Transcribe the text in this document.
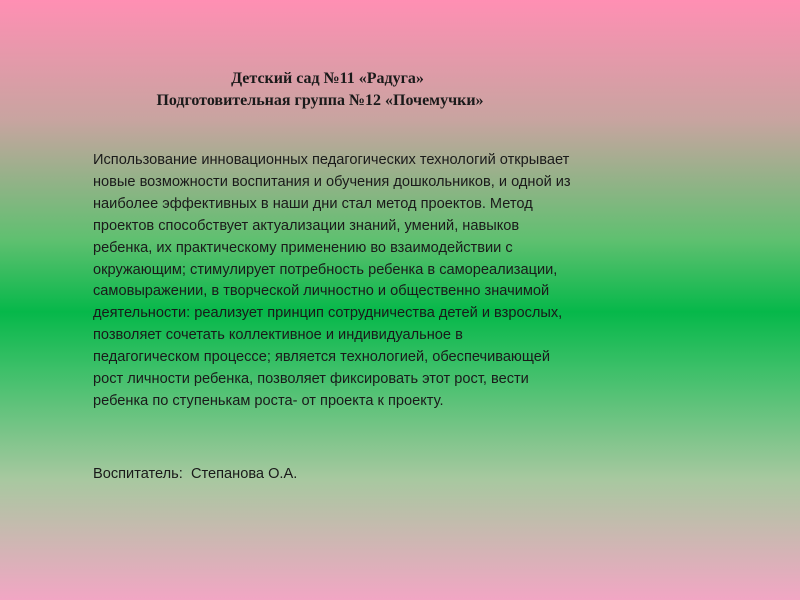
Детский сад №11 «Радуга»
Подготовительная группа №12 «Почемучки»
Использование инновационных педагогических технологий открывает
новые возможности воспитания и обучения дошкольников, и одной из
наиболее эффективных в наши дни стал метод проектов. Метод
проектов способствует актуализации знаний, умений, навыков
ребенка, их практическому применению во взаимодействии с
окружающим; стимулирует потребность ребенка в самореализации,
самовыражении, в творческой личностно и общественно значимой
деятельности: реализует принцип сотрудничества детей и взрослых,
позволяет сочетать коллективное и индивидуальное в
педагогическом процессе; является технологией, обеспечивающей
рост личности ребенка, позволяет фиксировать этот рост, вести
ребенка по ступенькам роста- от проекта к проекту.
Воспитатель:  Степанова О.А.
